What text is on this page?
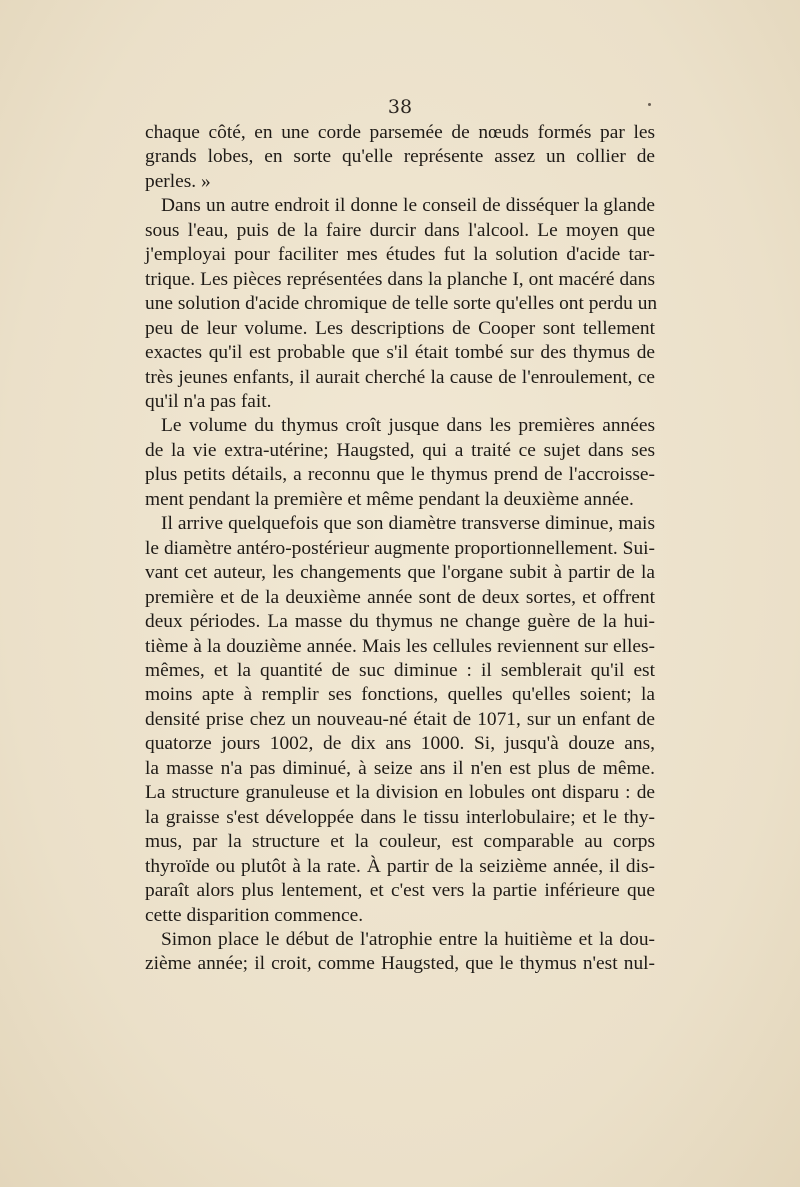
38

chaque côté, en une corde parsemée de nœuds formés par les
grands lobes, en sorte qu'elle représente assez un collier de
perles. »

Dans un autre endroit il donne le conseil de disséquer la glande
sous l'eau, puis de la faire durcir dans l'alcool. Le moyen que
j'employai pour faciliter mes études fut la solution d'acide tar-
trique. Les pièces représentées dans la planche I, ont macéré dans
une solution d'acide chromique de telle sorte qu'elles ont perdu un
peu de leur volume. Les descriptions de Cooper sont tellement
exactes qu'il est probable que s'il était tombé sur des thymus de
très jeunes enfants, il aurait cherché la cause de l'enroulement, ce
qu'il n'a pas fait.

Le volume du thymus croît jusque dans les premières années
de la vie extra-utérine; Haugsted, qui a traité ce sujet dans ses
plus petits détails, a reconnu que le thymus prend de l'accroisse-
ment pendant la première et même pendant la deuxième année.

Il arrive quelquefois que son diamètre transverse diminue, mais
le diamètre antéro-postérieur augmente proportionnellement. Sui-
vant cet auteur, les changements que l'organe subit à partir de la
première et de la deuxième année sont de deux sortes, et offrent
deux périodes. La masse du thymus ne change guère de la hui-
tième à la douzième année. Mais les cellules reviennent sur elles-
mêmes, et la quantité de suc diminue : il semblerait qu'il est
moins apte à remplir ses fonctions, quelles qu'elles soient; la
densité prise chez un nouveau-né était de 1071, sur un enfant de
quatorze jours 1002, de dix ans 1000. Si, jusqu'à douze ans,
la masse n'a pas diminué, à seize ans il n'en est plus de même.
La structure granuleuse et la division en lobules ont disparu : de
la graisse s'est développée dans le tissu interlobulaire; et le thy-
mus, par la structure et la couleur, est comparable au corps
thyroïde ou plutôt à la rate. À partir de la seizième année, il dis-
paraît alors plus lentement, et c'est vers la partie inférieure que
cette disparition commence.

Simon place le début de l'atrophie entre la huitième et la dou-
zième année; il croit, comme Haugsted, que le thymus n'est nul-
